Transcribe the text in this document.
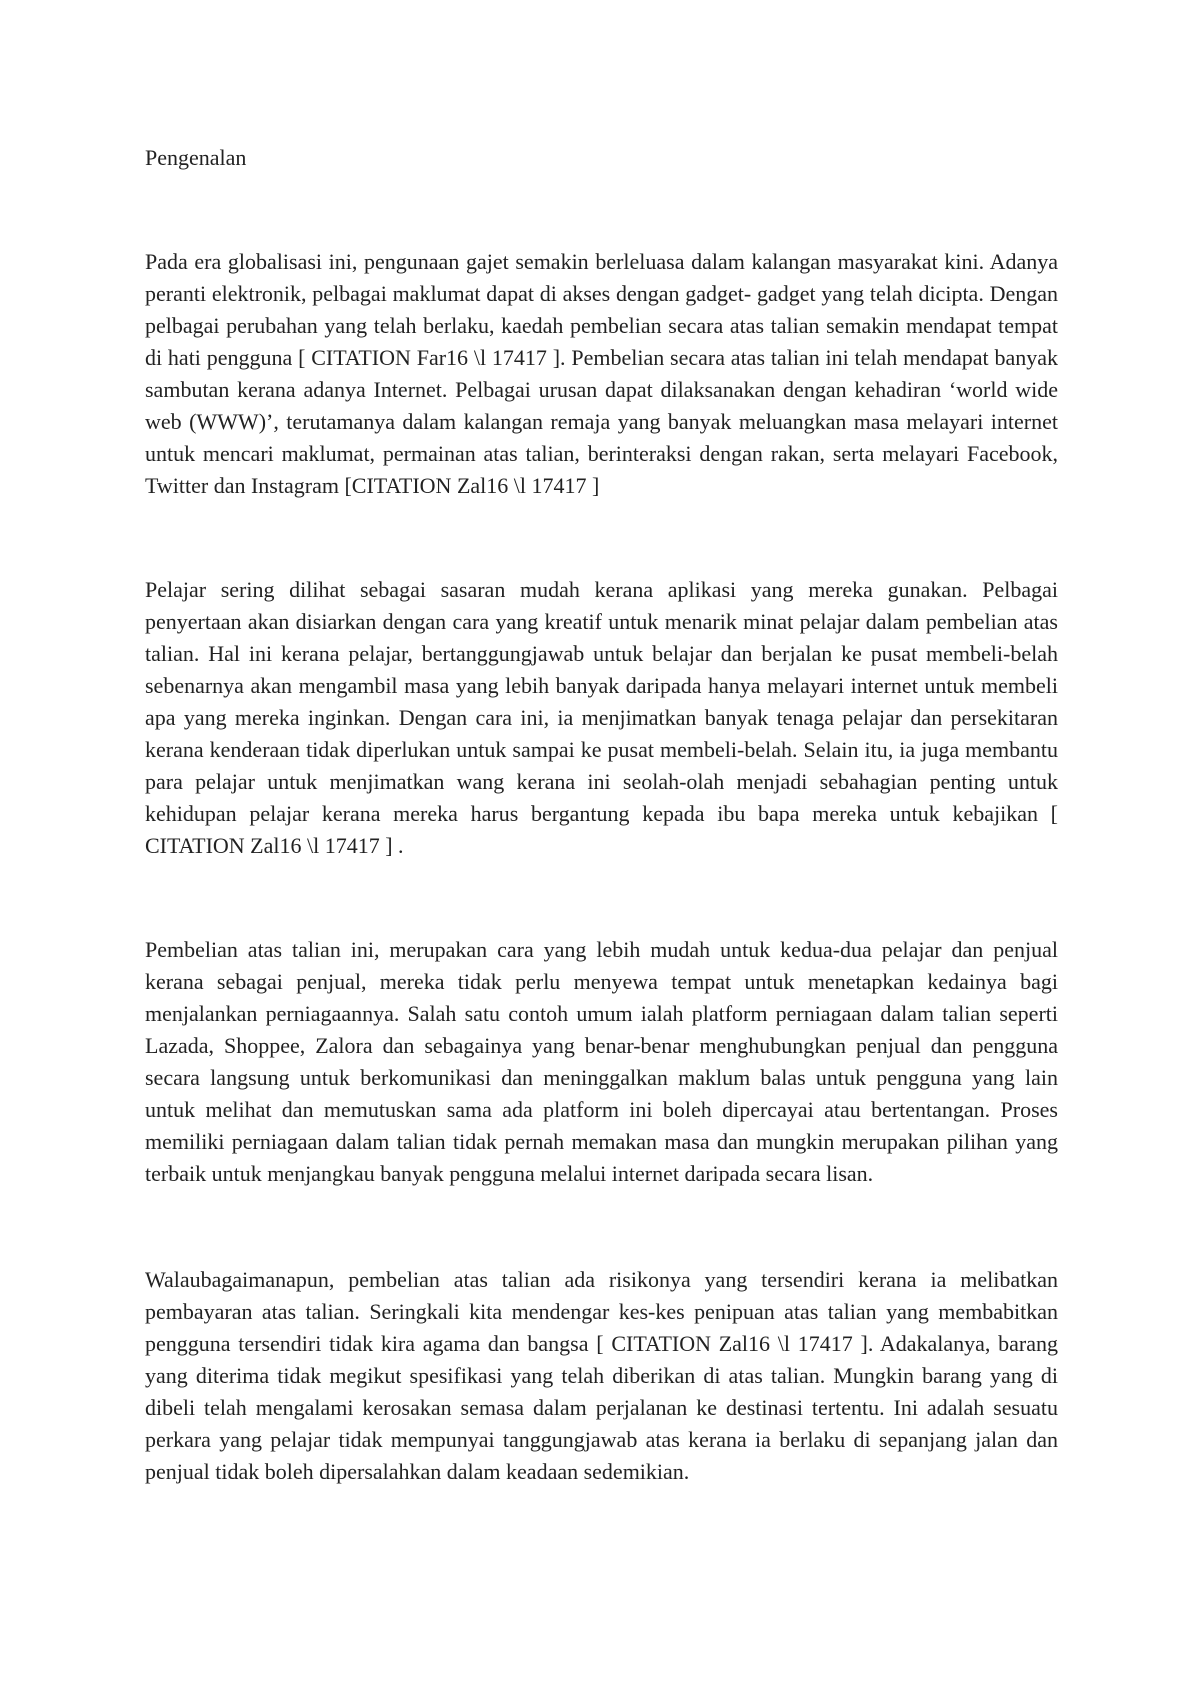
Pengenalan

Pada era globalisasi ini, pengunaan gajet semakin berleluasa dalam kalangan masyarakat kini. Adanya peranti elektronik, pelbagai maklumat dapat di akses dengan gadget- gadget yang telah dicipta. Dengan pelbagai perubahan yang telah berlaku, kaedah pembelian secara atas talian semakin mendapat tempat di hati pengguna [ CITATION Far16 \l 17417 ]. Pembelian secara atas talian ini telah mendapat banyak sambutan kerana adanya Internet. Pelbagai urusan dapat dilaksanakan dengan kehadiran ‘world wide web (WWW)’, terutamanya dalam kalangan remaja yang banyak meluangkan masa melayari internet untuk mencari maklumat, permainan atas talian, berinteraksi dengan rakan, serta melayari Facebook, Twitter dan Instagram [CITATION Zal16 \l 17417 ]

Pelajar sering dilihat sebagai sasaran mudah kerana aplikasi yang mereka gunakan. Pelbagai penyertaan akan disiarkan dengan cara yang kreatif untuk menarik minat pelajar dalam pembelian atas talian. Hal ini kerana pelajar, bertanggungjawab untuk belajar dan berjalan ke pusat membeli-belah sebenarnya akan mengambil masa yang lebih banyak daripada hanya melayari internet untuk membeli apa yang mereka inginkan. Dengan cara ini, ia menjimatkan banyak tenaga pelajar dan persekitaran kerana kenderaan tidak diperlukan untuk sampai ke pusat membeli-belah. Selain itu, ia juga membantu para pelajar untuk menjimatkan wang kerana ini seolah-olah menjadi sebahagian penting untuk kehidupan pelajar kerana mereka harus bergantung kepada ibu bapa mereka untuk kebajikan [ CITATION Zal16 \l 17417 ] .

Pembelian atas talian ini, merupakan cara yang lebih mudah untuk kedua-dua pelajar dan penjual kerana sebagai penjual, mereka tidak perlu menyewa tempat untuk menetapkan kedainya bagi menjalankan perniagaannya. Salah satu contoh umum ialah platform perniagaan dalam talian seperti Lazada, Shoppee, Zalora dan sebagainya yang benar-benar menghubungkan penjual dan pengguna secara langsung untuk berkomunikasi dan meninggalkan maklum balas untuk pengguna yang lain untuk melihat dan memutuskan sama ada platform ini boleh dipercayai atau bertentangan. Proses memiliki perniagaan dalam talian tidak pernah memakan masa dan mungkin merupakan pilihan yang terbaik untuk menjangkau banyak pengguna melalui internet daripada secara lisan.

Walaubagaimanapun, pembelian atas talian ada risikonya yang tersendiri kerana ia melibatkan pembayaran atas talian. Seringkali kita mendengar kes-kes penipuan atas talian yang membabitkan pengguna tersendiri tidak kira agama dan bangsa [ CITATION Zal16 \l 17417 ]. Adakalanya, barang yang diterima tidak megikut spesifikasi yang telah diberikan di atas talian. Mungkin barang yang di dibeli telah mengalami kerosakan semasa dalam perjalanan ke destinasi tertentu. Ini adalah sesuatu perkara yang pelajar tidak mempunyai tanggungjawab atas kerana ia berlaku di sepanjang jalan dan penjual tidak boleh dipersalahkan dalam keadaan sedemikian.
